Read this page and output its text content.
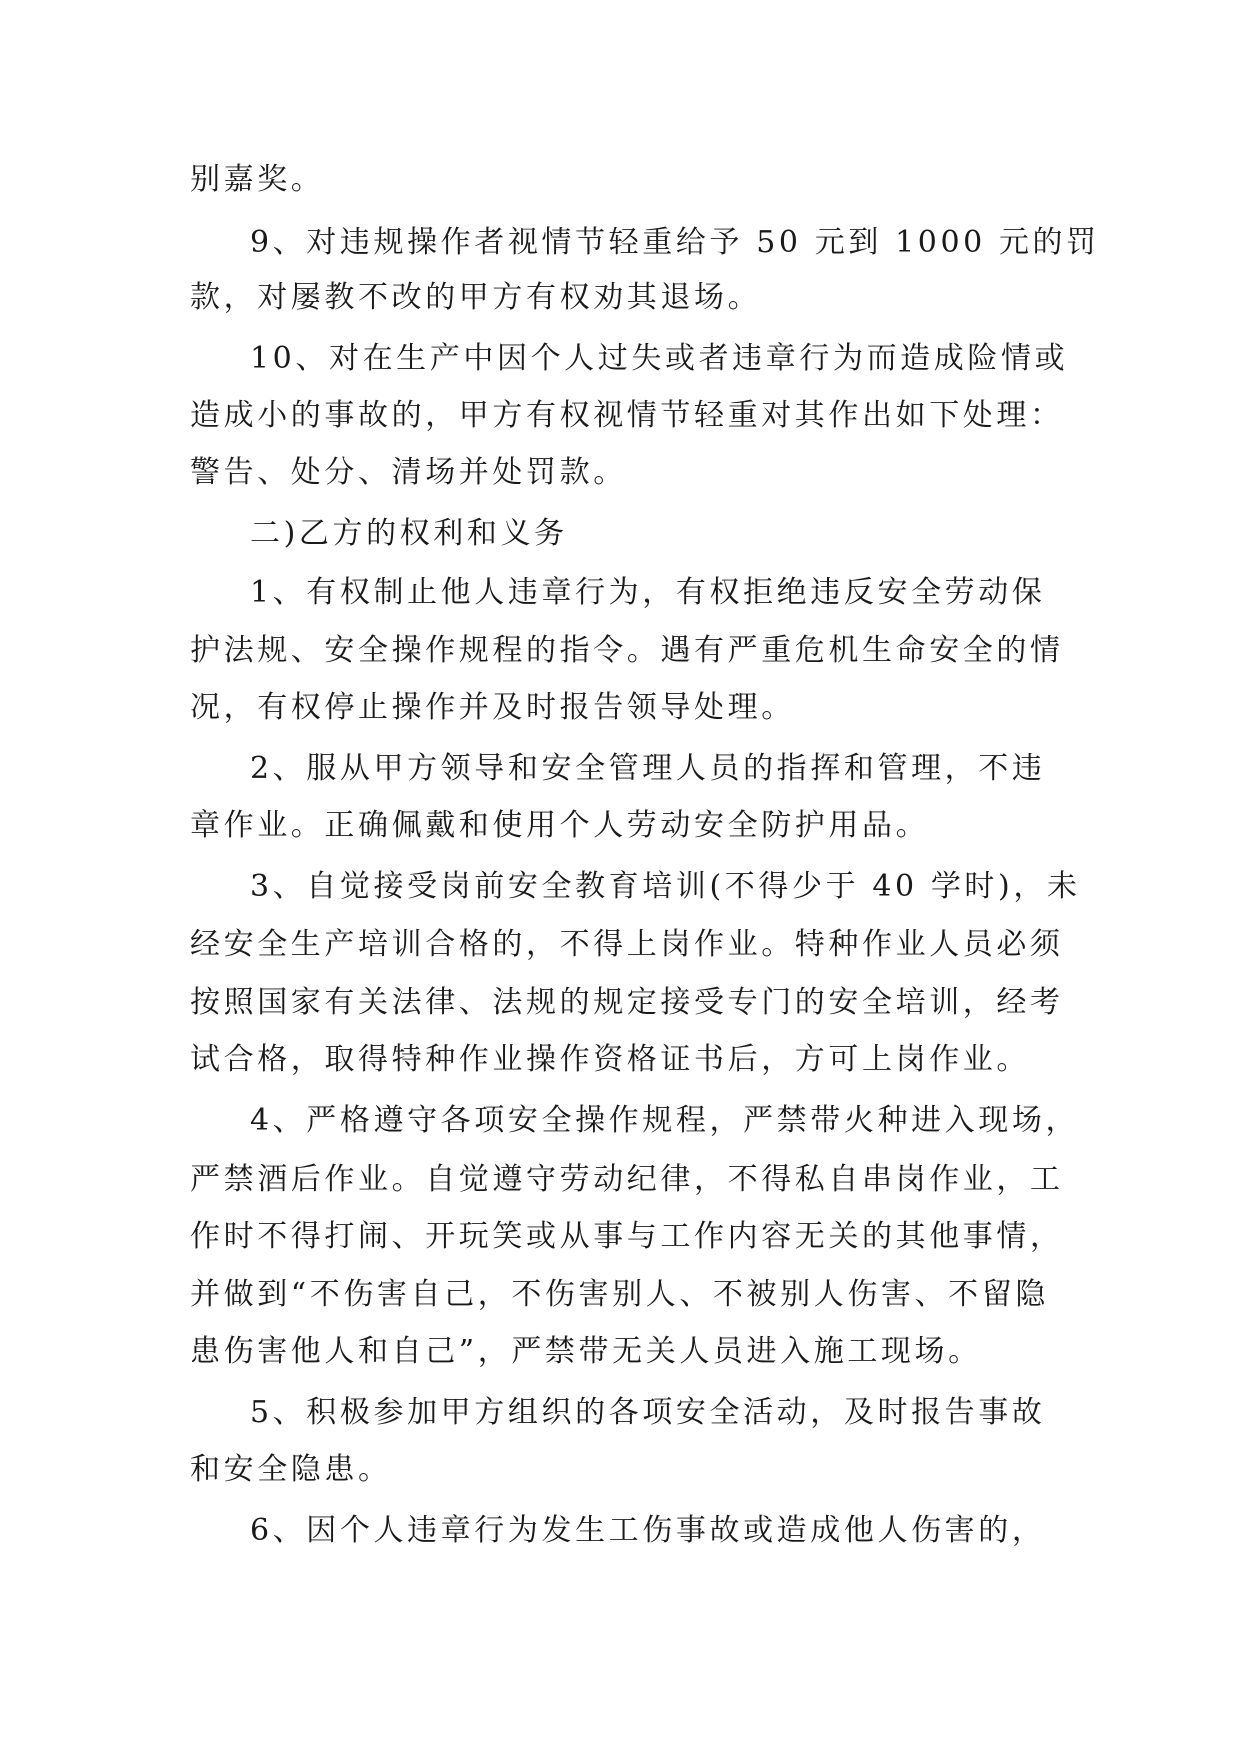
别嘉奖。
9、对违规操作者视情节轻重给予 50 元到 1000 元的罚
款，对屡教不改的甲方有权劝其退场。
10、对在生产中因个人过失或者违章行为而造成险情或
造成小的事故的，甲方有权视情节轻重对其作出如下处理：
警告、处分、清场并处罚款。
二)乙方的权利和义务
1、有权制止他人违章行为，有权拒绝违反安全劳动保
护法规、安全操作规程的指令。遇有严重危机生命安全的情
况，有权停止操作并及时报告领导处理。
2、服从甲方领导和安全管理人员的指挥和管理，不违
章作业。正确佩戴和使用个人劳动安全防护用品。
3、自觉接受岗前安全教育培训(不得少于 40 学时)，未
经安全生产培训合格的，不得上岗作业。特种作业人员必须
按照国家有关法律、法规的规定接受专门的安全培训，经考
试合格，取得特种作业操作资格证书后，方可上岗作业。
4、严格遵守各项安全操作规程，严禁带火种进入现场，
严禁酒后作业。自觉遵守劳动纪律，不得私自串岗作业，工
作时不得打闹、开玩笑或从事与工作内容无关的其他事情，
并做到“不伤害自己，不伤害别人、不被别人伤害、不留隐
患伤害他人和自己”，严禁带无关人员进入施工现场。
5、积极参加甲方组织的各项安全活动，及时报告事故
和安全隐患。
6、因个人违章行为发生工伤事故或造成他人伤害的，
